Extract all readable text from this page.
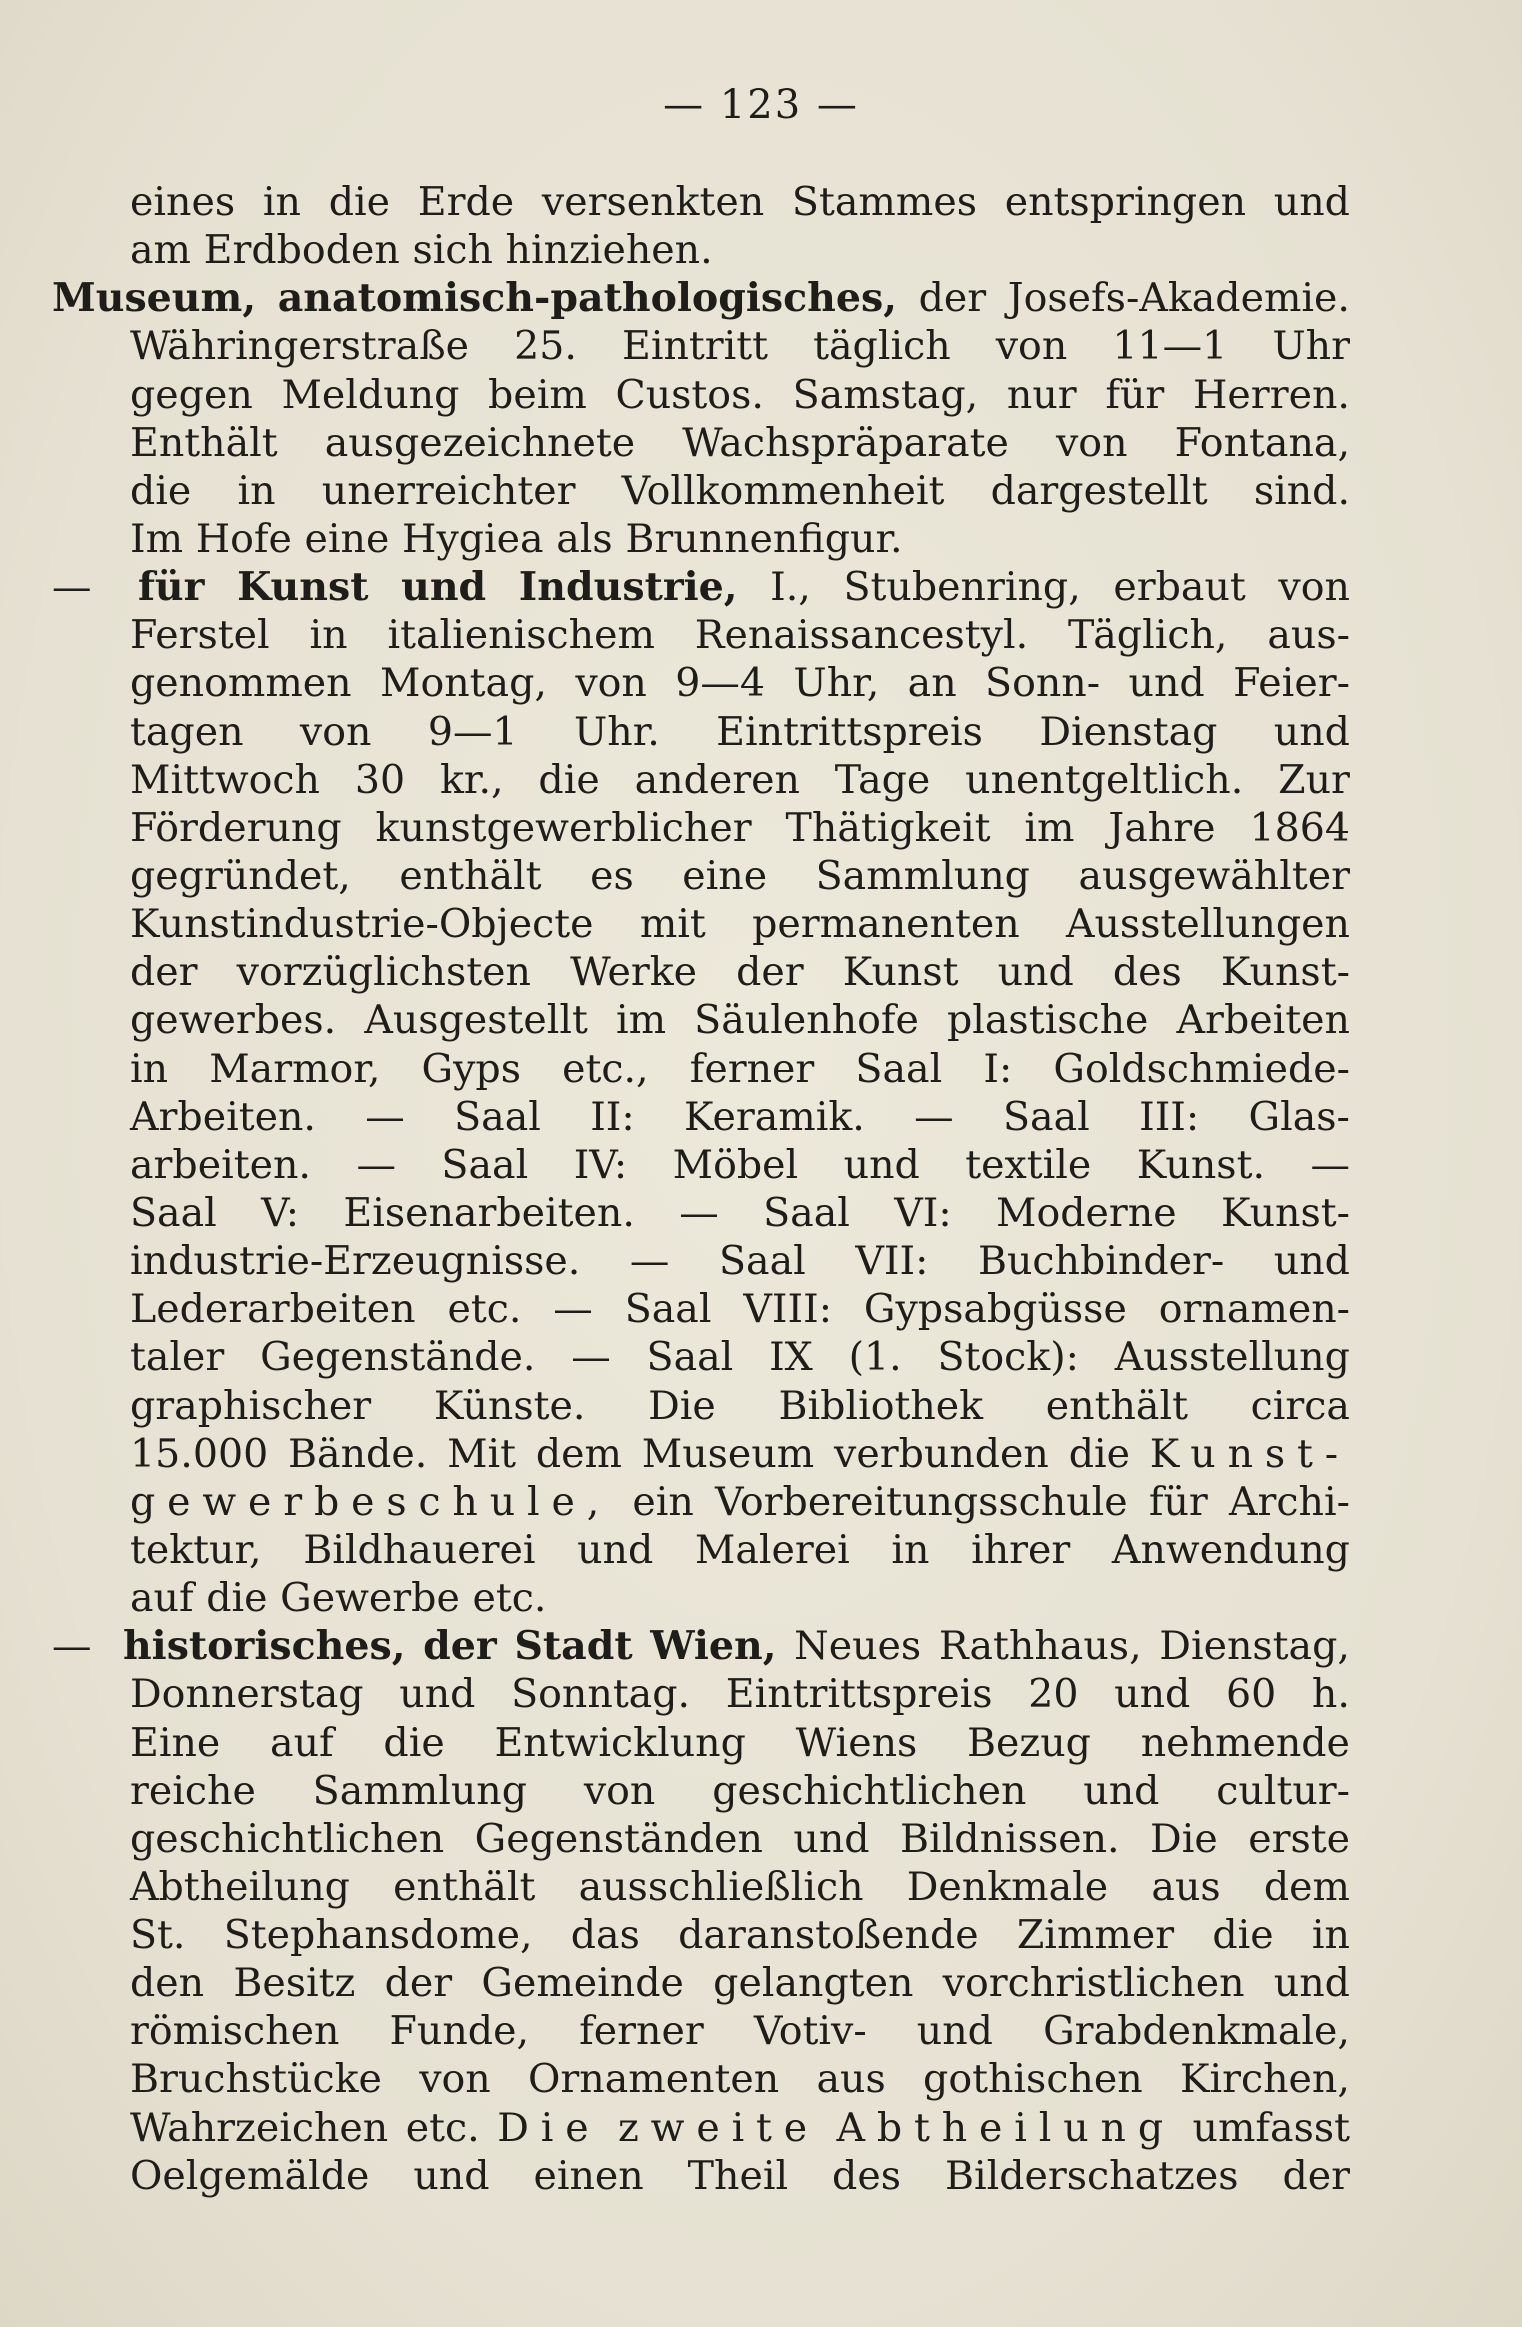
— 123 —
eines in die Erde versenkten Stammes entspringen und
am Erdboden sich hinziehen.
Museum, anatomisch-pathologisches, der Josefs-Akademie.
Währingerstraße 25. Eintritt täglich von 11—1 Uhr
gegen Meldung beim Custos. Samstag, nur für Herren.
Enthält ausgezeichnete Wachspräparate von Fontana,
die in unerreichter Vollkommenheit dargestellt sind.
Im Hofe eine Hygiea als Brunnenfigur.
— für Kunst und Industrie, I., Stubenring, erbaut von
Ferstel in italienischem Renaissancestyl. Täglich, aus-
genommen Montag, von 9—4 Uhr, an Sonn- und Feier-
tagen von 9—1 Uhr. Eintrittspreis Dienstag und
Mittwoch 30 kr., die anderen Tage unentgeltlich. Zur
Förderung kunstgewerblicher Thätigkeit im Jahre 1864
gegründet, enthält es eine Sammlung ausgewählter
Kunstindustrie-Objecte mit permanenten Ausstellungen
der vorzüglichsten Werke der Kunst und des Kunst-
gewerbes. Ausgestellt im Säulenhofe plastische Arbeiten
in Marmor, Gyps etc., ferner Saal I: Goldschmiede-
Arbeiten. — Saal II: Keramik. — Saal III: Glas-
arbeiten. — Saal IV: Möbel und textile Kunst. —
Saal V: Eisenarbeiten. — Saal VI: Moderne Kunst-
industrie-Erzeugnisse. — Saal VII: Buchbinder- und
Lederarbeiten etc. — Saal VIII: Gypsabgüsse ornamen-
taler Gegenstände. — Saal IX (1. Stock): Ausstellung
graphischer Künste. Die Bibliothek enthält circa
15.000 Bände. Mit dem Museum verbunden die Kunst-
gewerbeschule, ein Vorbereitungsschule für Archi-
tektur, Bildhauerei und Malerei in ihrer Anwendung
auf die Gewerbe etc.
— historisches, der Stadt Wien, Neues Rathhaus, Dienstag,
Donnerstag und Sonntag. Eintrittspreis 20 und 60 h.
Eine auf die Entwicklung Wiens Bezug nehmende
reiche Sammlung von geschichtlichen und cultur-
geschichtlichen Gegenständen und Bildnissen. Die erste
Abtheilung enthält ausschließlich Denkmale aus dem
St. Stephansdome, das daranstoßende Zimmer die in
den Besitz der Gemeinde gelangten vorchristlichen und
römischen Funde, ferner Votiv- und Grabdenkmale,
Bruchstücke von Ornamenten aus gothischen Kirchen,
Wahrzeichen etc. Die zweite Abtheilung umfasst
Oelgemälde und einen Theil des Bilderschatzes der
